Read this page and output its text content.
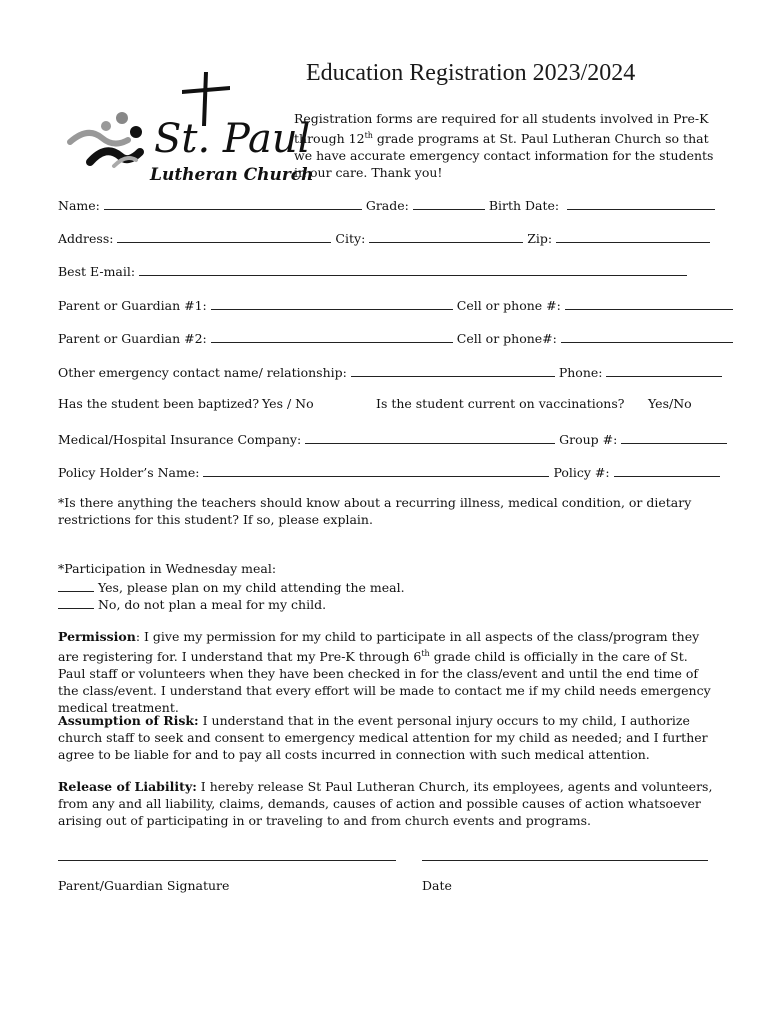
St. Paul
Lutheran Church
Education Registration 2023/2024
Registration forms are required for all students involved in Pre-K through 12th grade programs at St. Paul Lutheran Church so that we have accurate emergency contact information for the students in our care. Thank you!
Name:	Grade:	Birth Date:
Address:	City:	Zip:
Best E-mail:
Parent or Guardian #1:	Cell or phone #:
Parent or Guardian #2:	Cell or phone#:
Other emergency contact name/ relationship:	Phone:
Has the student been baptized? Yes / No	Is the student current on vaccinations? Yes/No
Medical/Hospital Insurance Company:	Group #:
Policy Holder’s Name:	Policy #:
*Is there anything the teachers should know about a recurring illness, medical condition, or dietary restrictions for this student? If so, please explain.
*Participation in Wednesday meal:
Yes, please plan on my child attending the meal.
No, do not plan a meal for my child.
Permission: I give my permission for my child to participate in all aspects of the class/program they are registering for. I understand that my Pre-K through 6th grade child is officially in the care of St. Paul staff or volunteers when they have been checked in for the class/event and until the end time of the class/event. I understand that every effort will be made to contact me if my child needs emergency medical treatment.
Assumption of Risk: I understand that in the event personal injury occurs to my child, I authorize church staff to seek and consent to emergency medical attention for my child as needed; and I further agree to be liable for and to pay all costs incurred in connection with such medical attention.
Release of Liability: I hereby release St Paul Lutheran Church, its employees, agents and volunteers, from any and all liability, claims, demands, causes of action and possible causes of action whatsoever arising out of participating in or traveling to and from church events and programs.
Parent/Guardian Signature	Date
